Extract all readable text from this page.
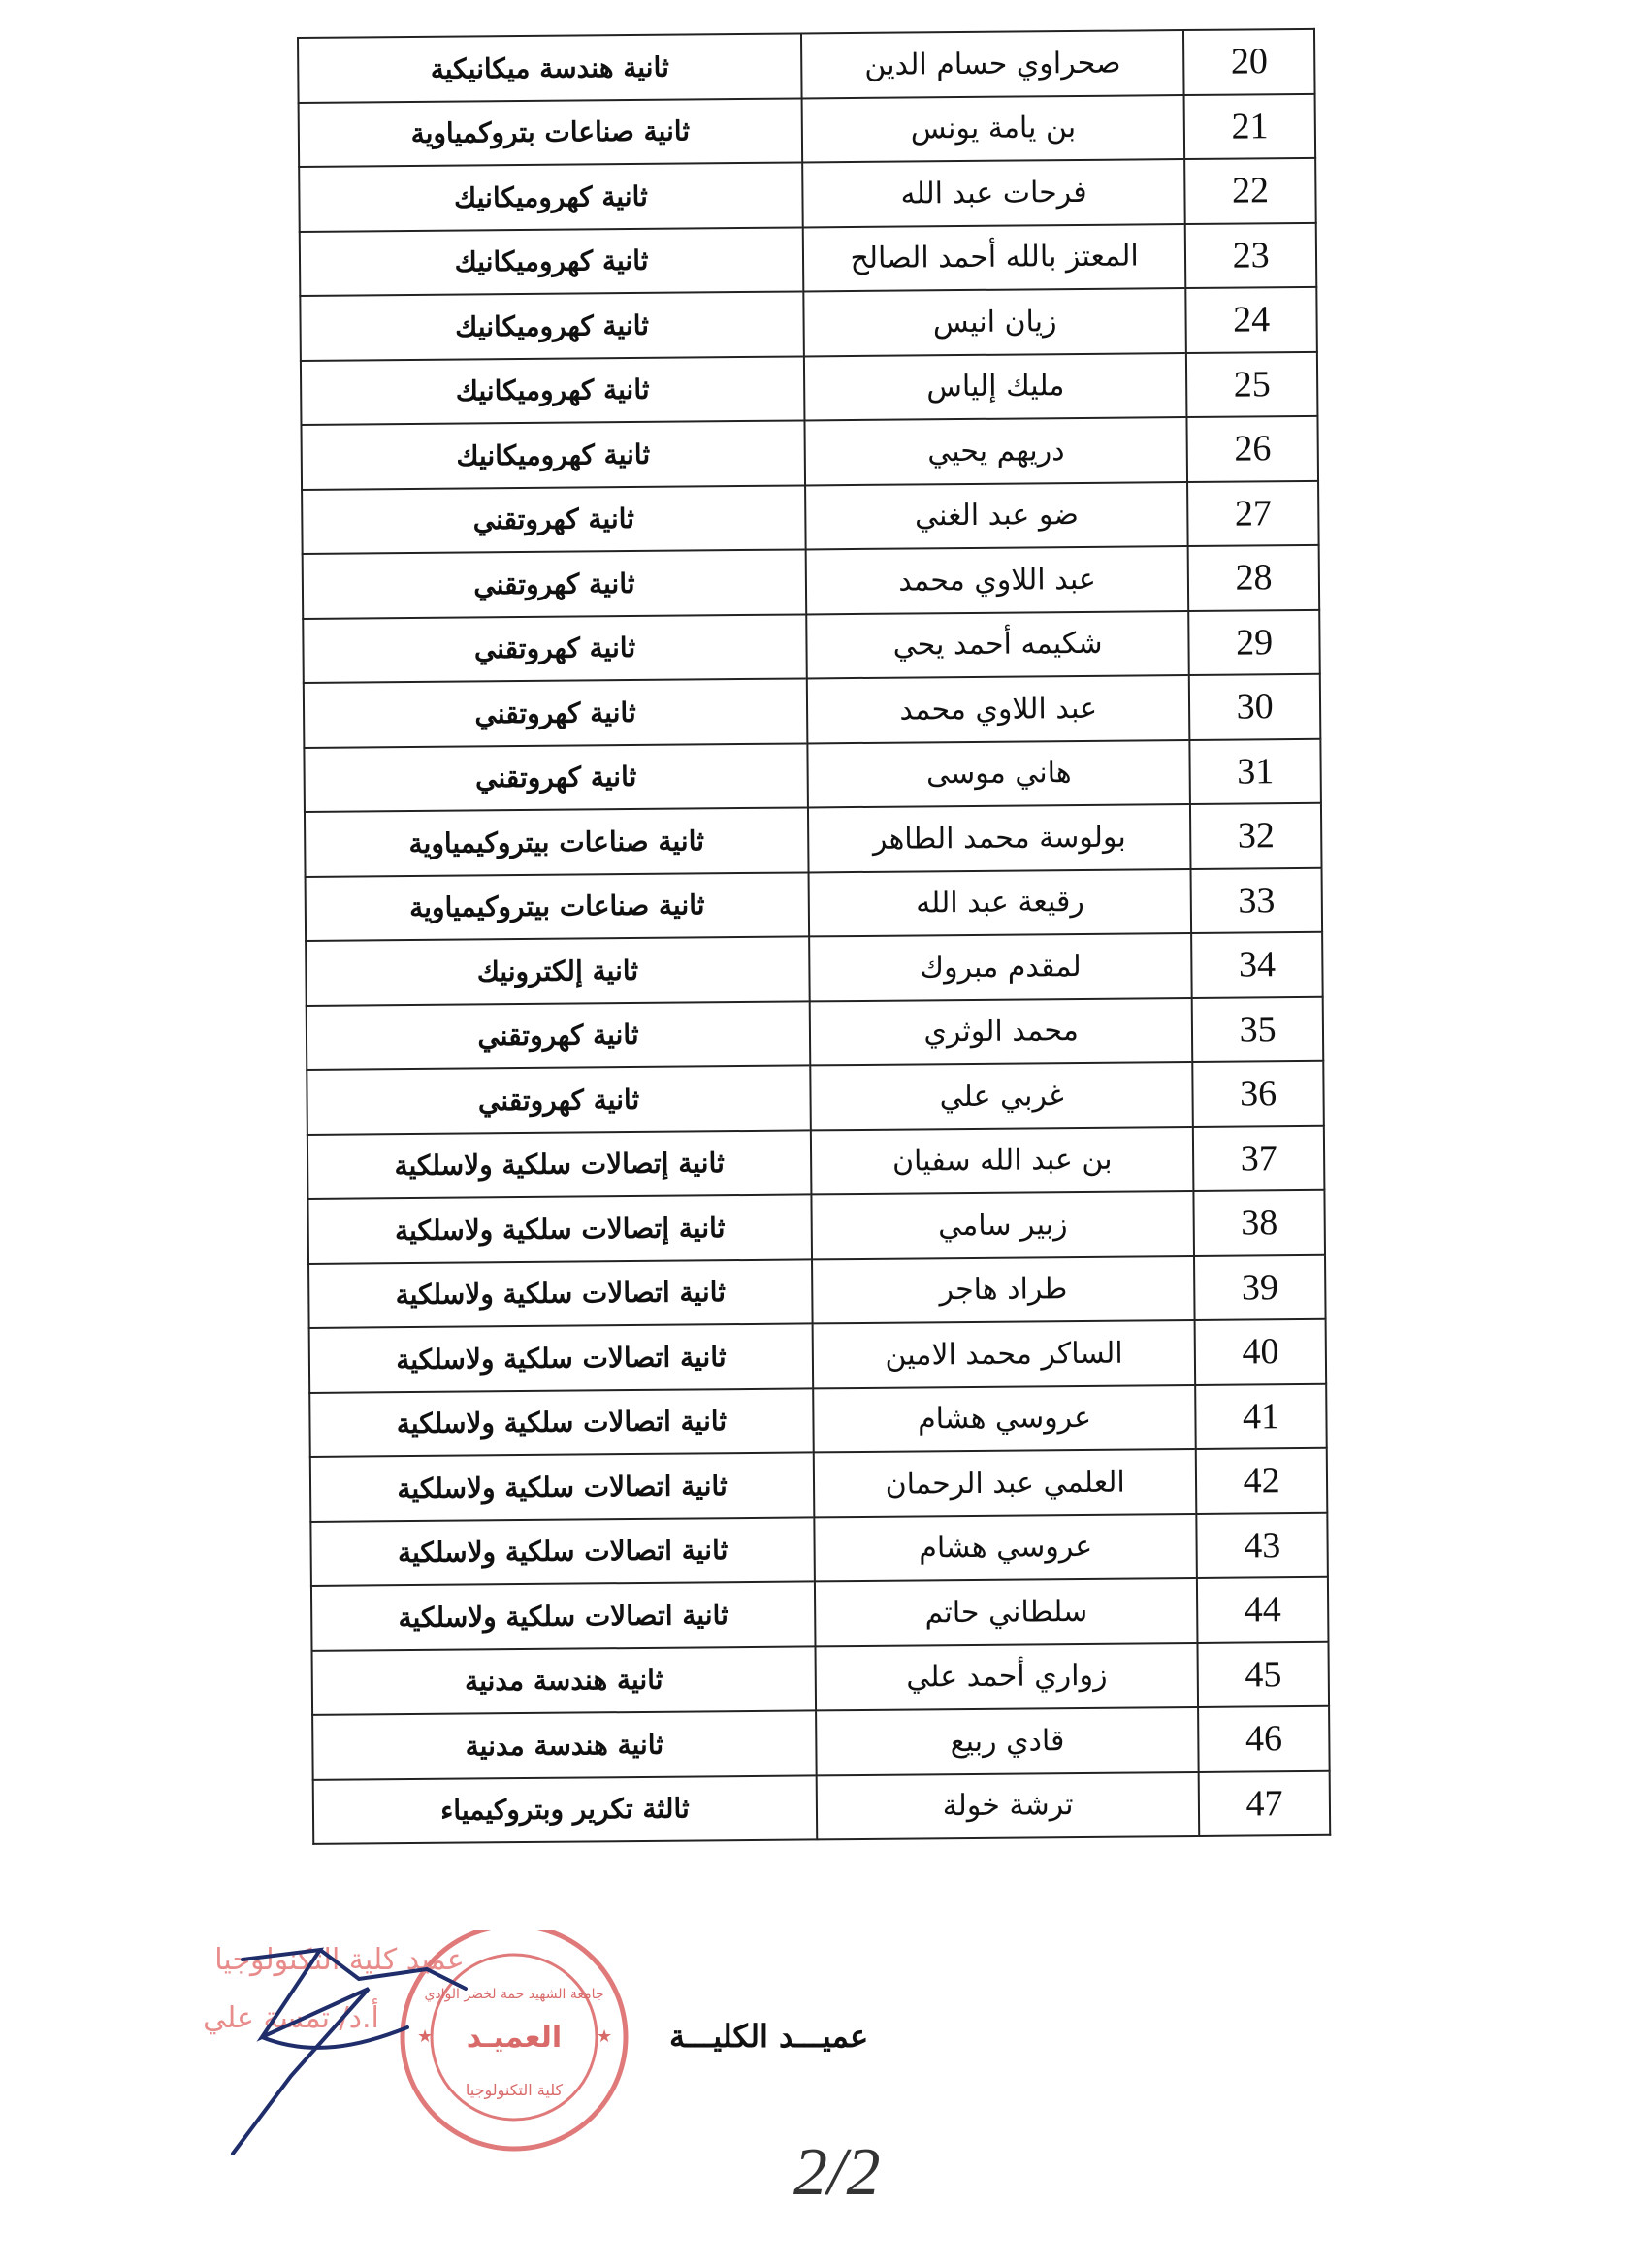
20	صحراوي حسام الدين	ثانية هندسة ميكانيكية
21	بن يامة يونس	ثانية صناعات بتروكمياوية
22	فرحات عبد الله	ثانية كهروميكانيك
23	المعتز بالله أحمد الصالح	ثانية كهروميكانيك
24	زيان انيس	ثانية كهروميكانيك
25	مليك إلياس	ثانية كهروميكانيك
26	دريهم يحيي	ثانية كهروميكانيك
27	ضو عبد الغني	ثانية كهروتقني
28	عبد اللاوي محمد	ثانية كهروتقني
29	شكيمه أحمد يحي	ثانية كهروتقني
30	عبد اللاوي محمد	ثانية كهروتقني
31	هاني موسى	ثانية كهروتقني
32	بولوسة محمد الطاهر	ثانية صناعات بيتروكيمياوية
33	رقيعة عبد الله	ثانية صناعات بيتروكيمياوية
34	لمقدم مبروك	ثانية إلكترونيك
35	محمد الوثري	ثانية كهروتقني
36	غربي علي	ثانية كهروتقني
37	بن عبد الله سفيان	ثانية إتصالات سلكية ولاسلكية
38	زبير سامي	ثانية إتصالات سلكية ولاسلكية
39	طراد هاجر	ثانية اتصالات سلكية ولاسلكية
40	الساكر محمد الامين	ثانية اتصالات سلكية ولاسلكية
41	عروسي هشام	ثانية اتصالات سلكية ولاسلكية
42	العلمي عبد الرحمان	ثانية اتصالات سلكية ولاسلكية
43	عروسي هشام	ثانية اتصالات سلكية ولاسلكية
44	سلطاني حاتم	ثانية اتصالات سلكية ولاسلكية
45	زواري أحمد علي	ثانية هندسة مدنية
46	قادي ربيع	ثانية هندسة مدنية
47	ترشة خولة	ثالثة تكرير وبتروكيمياء
عميـــد الكليـــة
العميـد
جامعة الشهيد حمة لخضر الوادي
كلية التكنولوجيا
★	★
عميد كلية التكنولوجيا
أ.د/ تمسة علي
2/2
